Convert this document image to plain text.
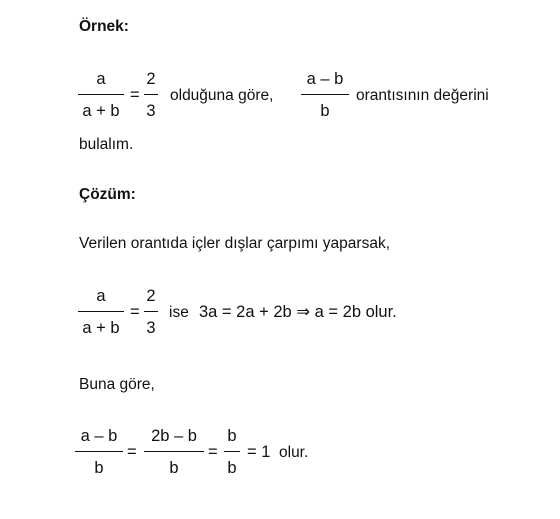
Örnek:
a
a + b
=
2
3
olduğuna göre,
a – b
b
orantısının değerini
bulalım.
Çözüm:
Verilen orantıda içler dışlar çarpımı yaparsak,
a
a + b
=
2
3
ise 3a = 2a + 2b ⇒ a = 2b olur.
Buna göre,
a – b
b
=
2b – b
b
=
b
b
= 1 olur.
